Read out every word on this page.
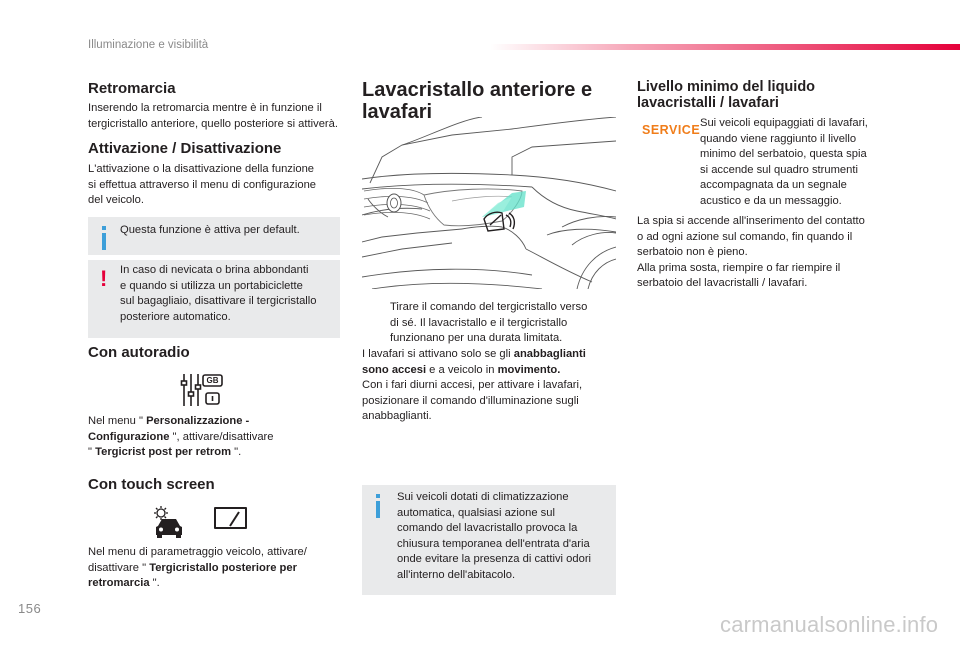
Illuminazione e visibilità
Retromarcia
Inserendo la retromarcia mentre è in funzione il
tergicristallo anteriore, quello posteriore si attiverà.
Attivazione / Disattivazione
L'attivazione o la disattivazione della funzione
si effettua attraverso il menu di configurazione
del veicolo.
Questa funzione è attiva per default.
! In caso di nevicata o brina abbondanti
e quando si utilizza un portabiciclette
sul bagagliaio, disattivare il tergicristallo
posteriore automatico.
Con autoradio
GB
Nel menu " Personalizzazione -
Configurazione ", attivare/disattivare
" Tergicrist post per retrom ".
Con touch screen
Nel menu di parametraggio veicolo, attivare/
disattivare " Tergicristallo posteriore per
retromarcia ".
Lavacristallo anteriore e
lavafari
Tirare il comando del tergicristallo verso
di sé. Il lavacristallo e il tergicristallo
funzionano per una durata limitata.
I lavafari si attivano solo se gli anabbaglianti
sono accesi e a veicolo in movimento.
Con i fari diurni accesi, per attivare i lavafari,
posizionare il comando d'illuminazione sugli
anabbaglianti.
Sui veicoli dotati di climatizzazione
automatica, qualsiasi azione sul
comando del lavacristallo provoca la
chiusura temporanea dell'entrata d'aria
onde evitare la presenza di cattivi odori
all'interno dell'abitacolo.
Livello minimo del liquido
lavacristalli / lavafari
SERVICE Sui veicoli equipaggiati di lavafari,
quando viene raggiunto il livello
minimo del serbatoio, questa spia
si accende sul quadro strumenti
accompagnata da un segnale
acustico e da un messaggio.
La spia si accende all'inserimento del contatto
o ad ogni azione sul comando, fin quando il
serbatoio non è pieno.
Alla prima sosta, riempire o far riempire il
serbatoio del lavacristalli / lavafari.
156
carmanualsonline.info
